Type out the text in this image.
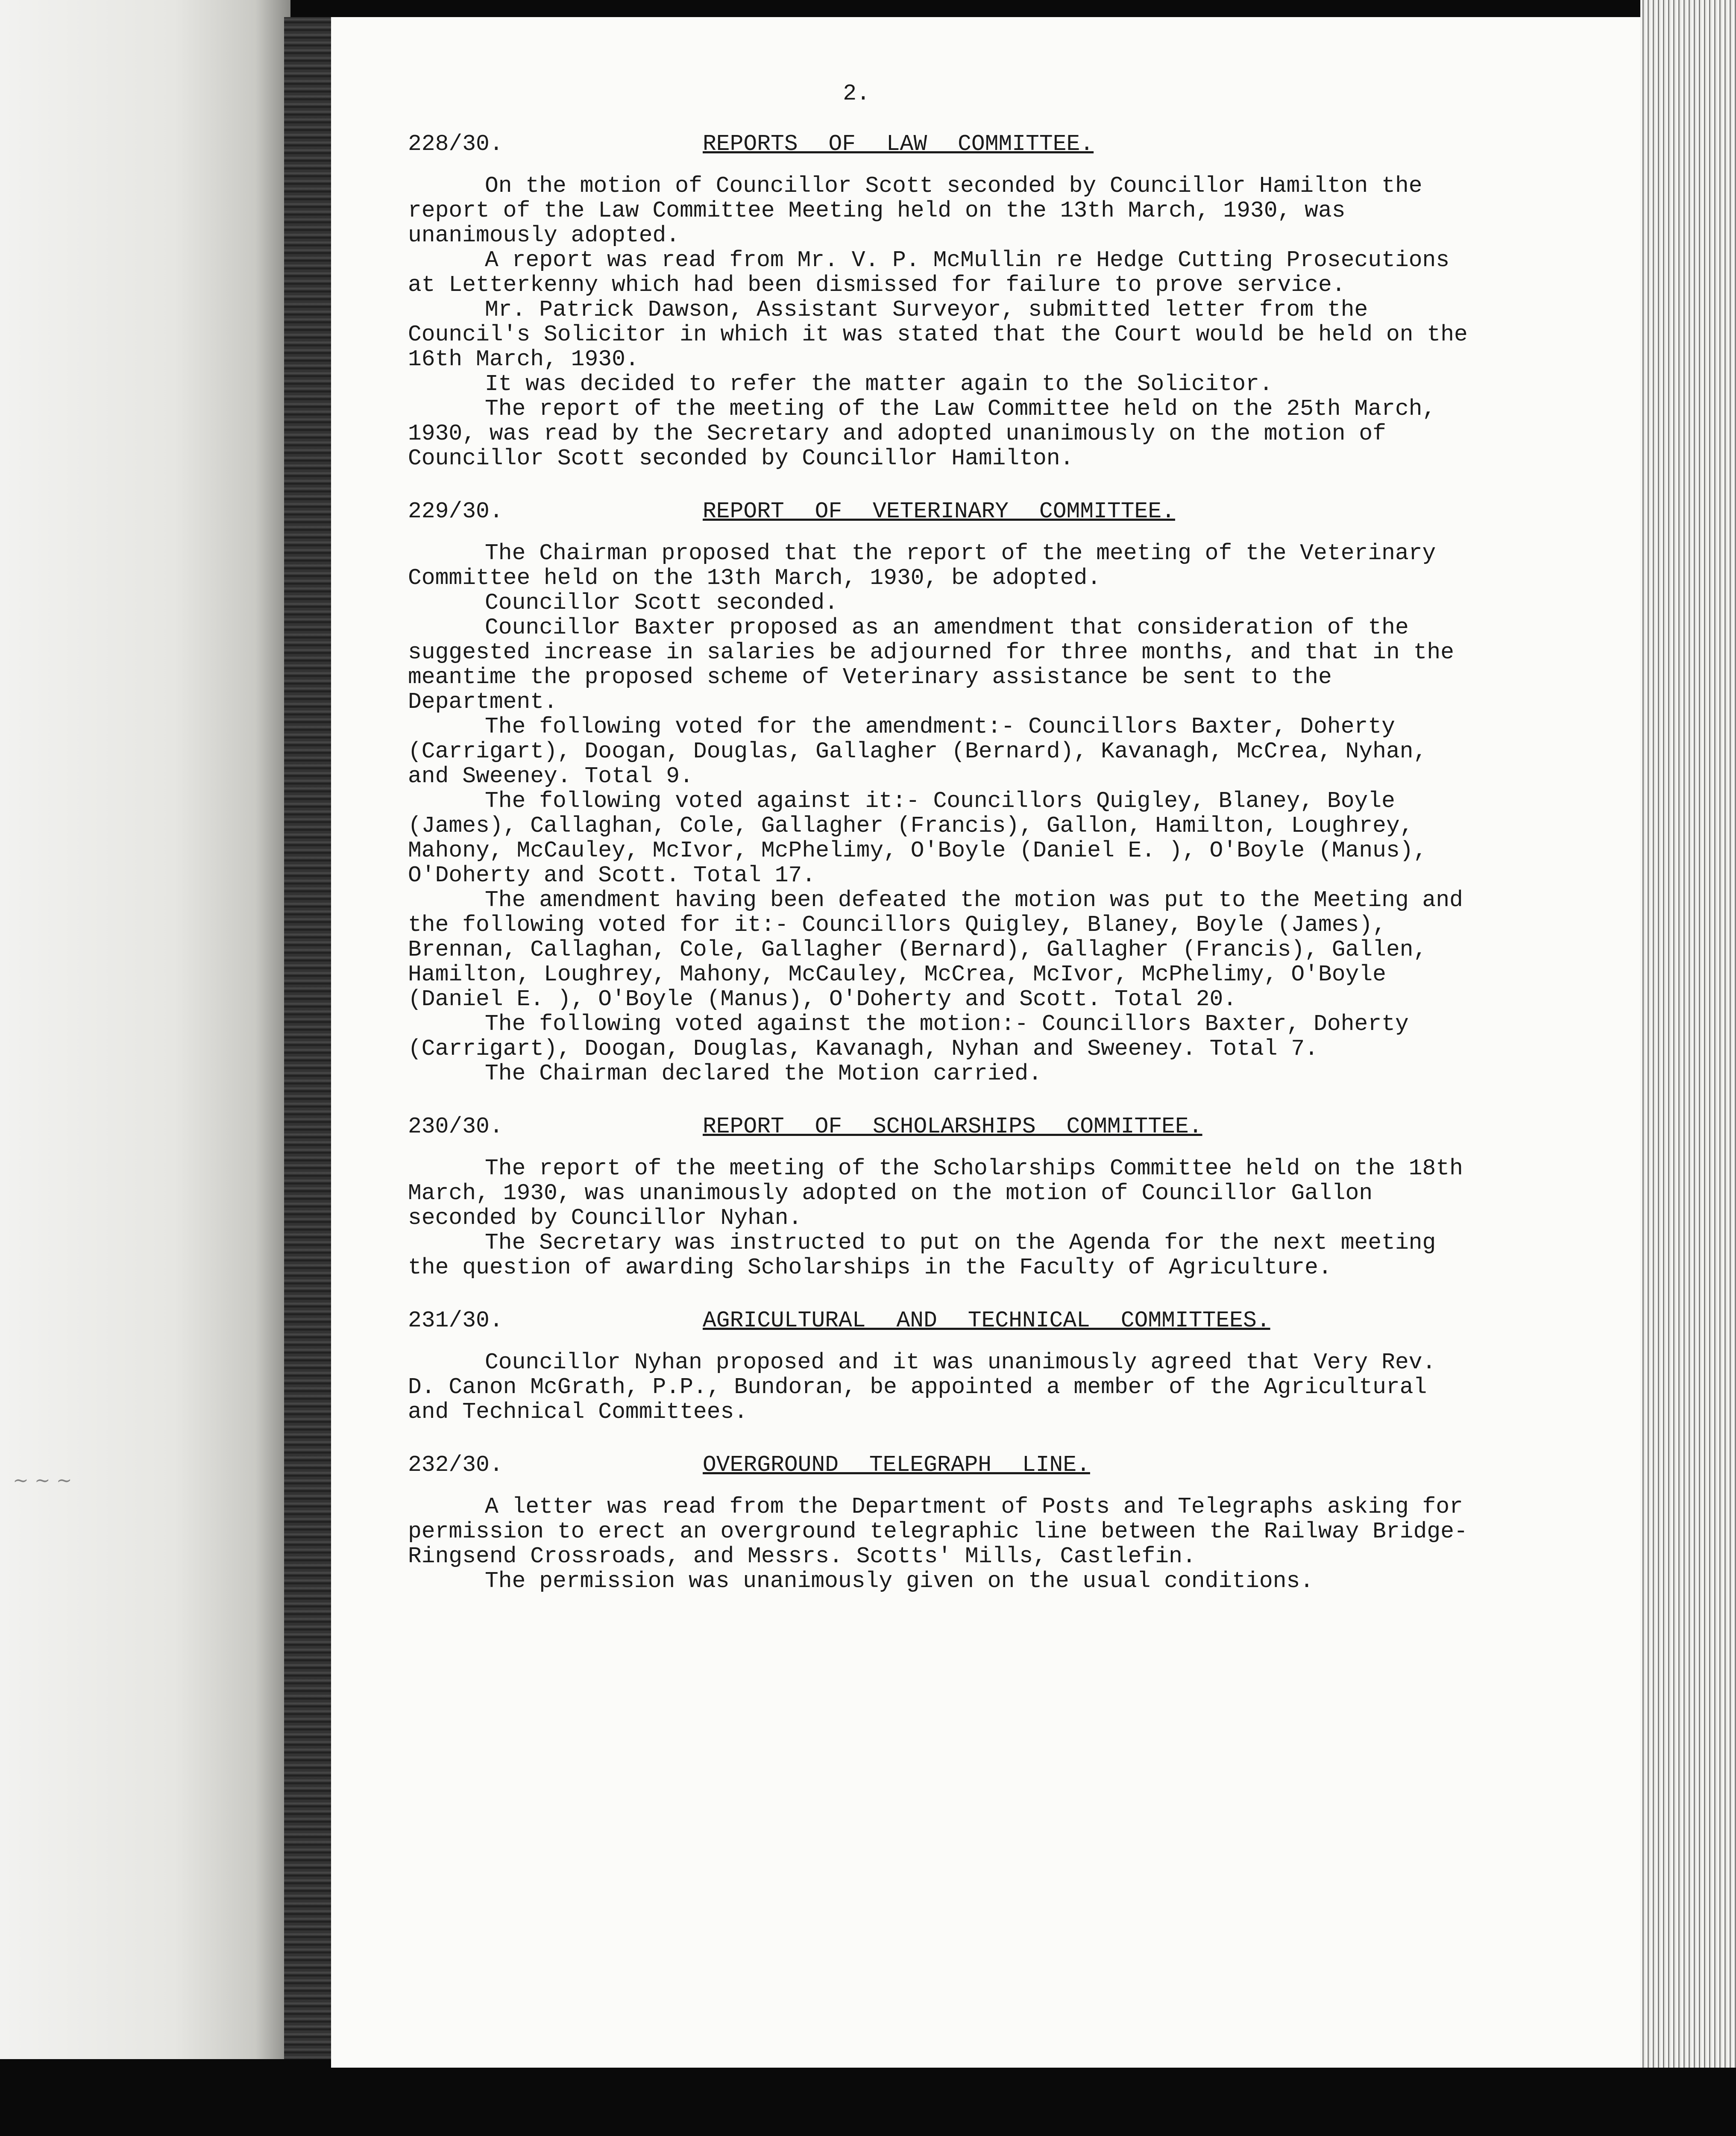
~ ~ ~
2.
228/30.	REPORTS OF LAW COMMITTEE.

On the motion of Councillor Scott seconded by Councillor Hamilton the report of the Law Committee Meeting held on the 13th March, 1930, was unanimously adopted.

A report was read from Mr. V. P. McMullin re Hedge Cutting Prosecutions at Letterkenny which had been dismissed for failure to prove service.

Mr. Patrick Dawson, Assistant Surveyor, submitted letter from the Council's Solicitor in which it was stated that the Court would be held on the 16th March, 1930.

It was decided to refer the matter again to the Solicitor.

The report of the meeting of the Law Committee held on the 25th March, 1930, was read by the Secretary and adopted unanimously on the motion of Councillor Scott seconded by Councillor Hamilton.

229/30.	REPORT OF VETERINARY COMMITTEE.

The Chairman proposed that the report of the meeting of the Veterinary Committee held on the 13th March, 1930, be adopted.

Councillor Scott seconded.

Councillor Baxter proposed as an amendment that consideration of the suggested increase in salaries be adjourned for three months, and that in the meantime the proposed scheme of Veterinary assistance be sent to the Department.

The following voted for the amendment:- Councillors Baxter, Doherty (Carrigart), Doogan, Douglas, Gallagher (Bernard), Kavanagh, McCrea, Nyhan, and Sweeney. Total 9.

The following voted against it:- Councillors Quigley, Blaney, Boyle (James), Callaghan, Cole, Gallagher (Francis), Gallon, Hamilton, Loughrey, Mahony, McCauley, McIvor, McPhelimy, O'Boyle (Daniel E. ), O'Boyle (Manus), O'Doherty and Scott. Total 17.

The amendment having been defeated the motion was put to the Meeting and the following voted for it:- Councillors Quigley, Blaney, Boyle (James), Brennan, Callaghan, Cole, Gallagher (Bernard), Gallagher (Francis), Gallen, Hamilton, Loughrey, Mahony, McCauley, McCrea, McIvor, McPhelimy, O'Boyle (Daniel E. ), O'Boyle (Manus), O'Doherty and Scott. Total 20.

The following voted against the motion:- Councillors Baxter, Doherty (Carrigart), Doogan, Douglas, Kavanagh, Nyhan and Sweeney. Total 7.

The Chairman declared the Motion carried.

230/30.	REPORT OF SCHOLARSHIPS COMMITTEE.

The report of the meeting of the Scholarships Committee held on the 18th March, 1930, was unanimously adopted on the motion of Councillor Gallon seconded by Councillor Nyhan.

The Secretary was instructed to put on the Agenda for the next meeting the question of awarding Scholarships in the Faculty of Agriculture.

231/30.	AGRICULTURAL AND TECHNICAL COMMITTEES.

Councillor Nyhan proposed and it was unanimously agreed that Very Rev. D. Canon McGrath, P.P., Bundoran, be appointed a member of the Agricultural and Technical Committees.

232/30.	OVERGROUND TELEGRAPH LINE.

A letter was read from the Department of Posts and Telegraphs asking for permission to erect an overground telegraphic line between the Railway Bridge-Ringsend Crossroads, and Messrs. Scotts' Mills, Castlefin.

The permission was unanimously given on the usual conditions.
